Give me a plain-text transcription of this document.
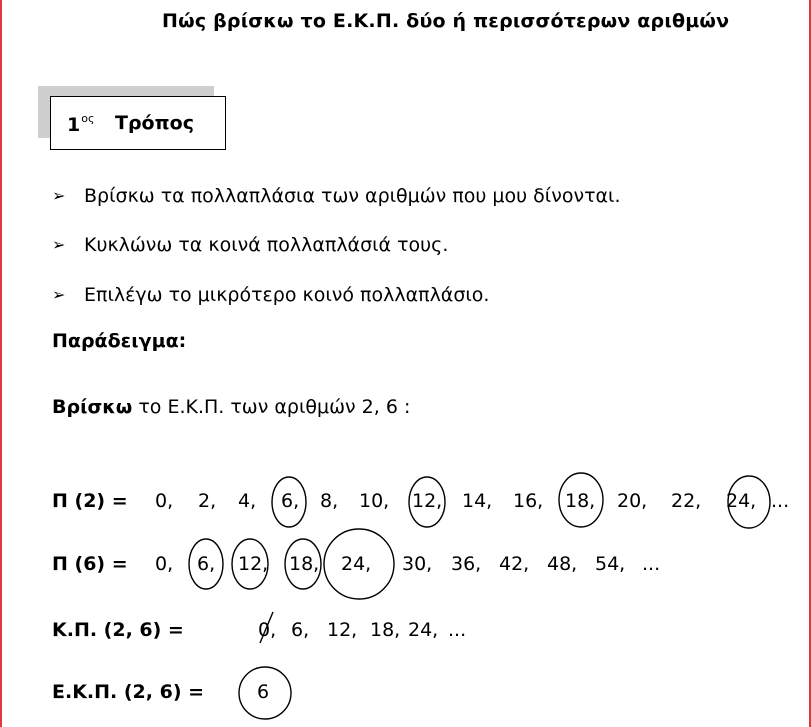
Πώς βρίσκω το Ε.Κ.Π. δύο ή περισσότερων αριθμών
$1^{o\varsigma}$ Τρόπος
➢ Βρίσκω τα πολλαπλάσια των αριθμών που μου δίνονται.
➢ Κυκλώνω τα κοινά πολλαπλάσιά τους.
➢ Επιλέγω το μικρότερο κοινό πολλαπλάσιο.
Παράδειγμα:
Βρίσκω το Ε.Κ.Π. των αριθμών 2, 6 :
Π (2) = 0, 2, 4, 6, 8, 10, 12, 14, 16, 18, 20, 22, 24, ...
Π (6) = 0, 6, 12, 18, 24, 30, 36, 42, 48, 54, ...
Κ.Π. (2, 6) =	0, 6, 12, 18, 24, ...
Ε.Κ.Π. (2, 6) =	6
